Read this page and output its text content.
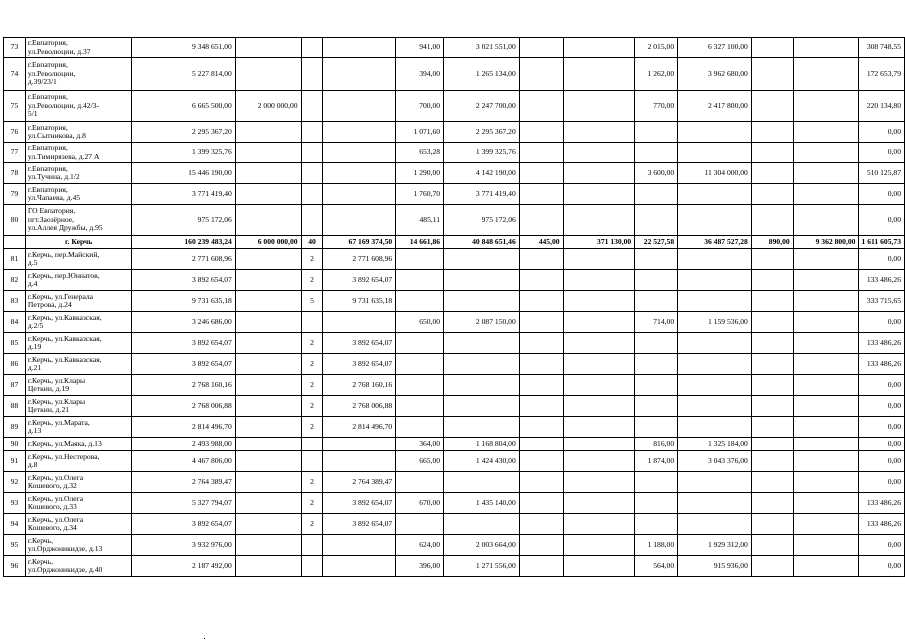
73	г.Евпатория,
ул.Революции, д.37	9 348 651,00				941,00	3 021 551,00			2 015,00	6 327 100,00			308 748,55
74	г.Евпатория,
ул.Революции,
д.39/23/1	5 227 814,00				394,00	1 265 134,00			1 262,00	3 962 680,00			172 653,79
75	г.Евпатория,
ул.Революции, д.42/3-
5/1	6 665 500,00	2 000 000,00			700,00	2 247 700,00			770,00	2 417 800,00			220 134,80
76	г.Евпатория,
ул.Сытникова, д.8	2 295 367,20				1 071,60	2 295 367,20							0,00
77	г.Евпатория,
ул.Тимирязева, д.27 А	1 399 325,76				653,28	1 399 325,76							0,00
78	г.Евпатория,
ул.Тучина, д.1/2	15 446 190,00				1 290,00	4 142 190,00			3 600,00	11 304 000,00			510 125,87
79	г.Евпатория,
ул.Чапаева, д.45	3 771 419,40				1 760,70	3 771 419,40							0,00
80	ГО Евпатория,
пгт.Заозёрное,
ул.Аллея Дружбы, д.95	975 172,06				485,11	975 172,06							0,00
	г. Керчь	160 239 483,24	6 000 000,00	40	67 169 374,50	14 661,86	40 848 651,46	445,00	371 130,00	22 527,58	36 487 527,28	890,00	9 362 800,00	1 611 605,73
81	г.Керчь, пер.Майский,
д.5	2 771 608,96		2	2 771 608,96									0,00
82	г.Керчь, пер.Юннатов,
д.4	3 892 654,07		2	3 892 654,07									133 486,26
83	г.Керчь, ул.Генерала
Петрова, д.24	9 731 635,18		5	9 731 635,18									333 715,65
84	г.Керчь, ул.Кавказская,
д.2/5	3 246 686,00				650,00	2 087 150,00			714,00	1 159 536,00			0,00
85	г.Керчь, ул.Кавказская,
д.19	3 892 654,07		2	3 892 654,07									133 486,26
86	г.Керчь, ул.Кавказская,
д.21	3 892 654,07		2	3 892 654,07									133 486,26
87	г.Керчь, ул.Клары
Цеткин, д.19	2 768 160,16		2	2 768 160,16									0,00
88	г.Керчь, ул.Клары
Цеткин, д.21	2 768 006,88		2	2 768 006,88									0,00
89	г.Керчь, ул.Марата,
д.13	2 814 496,70		2	2 814 496,70									0,00
90	г.Керчь, ул.Маяка, д.13	2 493 988,00				364,00	1 168 804,00			816,00	1 325 184,00			0,00
91	г.Керчь, ул.Нестерова,
д.8	4 467 806,00				665,00	1 424 430,00			1 874,00	3 043 376,00			0,00
92	г.Керчь, ул.Олега
Кошевого, д.32	2 764 389,47		2	2 764 389,47									0,00
93	г.Керчь, ул.Олега
Кошевого, д.33	5 327 794,07		2	3 892 654,07	670,00	1 435 140,00							133 486,26
94	г.Керчь, ул.Олега
Кошевого, д.34	3 892 654,07		2	3 892 654,07									133 486,26
95	г.Керчь,
ул.Орджоникидзе, д.13	3 932 976,00				624,00	2 003 664,00			1 188,00	1 929 312,00			0,00
96	г.Керчь,
ул.Орджоникидзе, д.40	2 187 492,00				396,00	1 271 556,00			564,00	915 936,00			0,00
